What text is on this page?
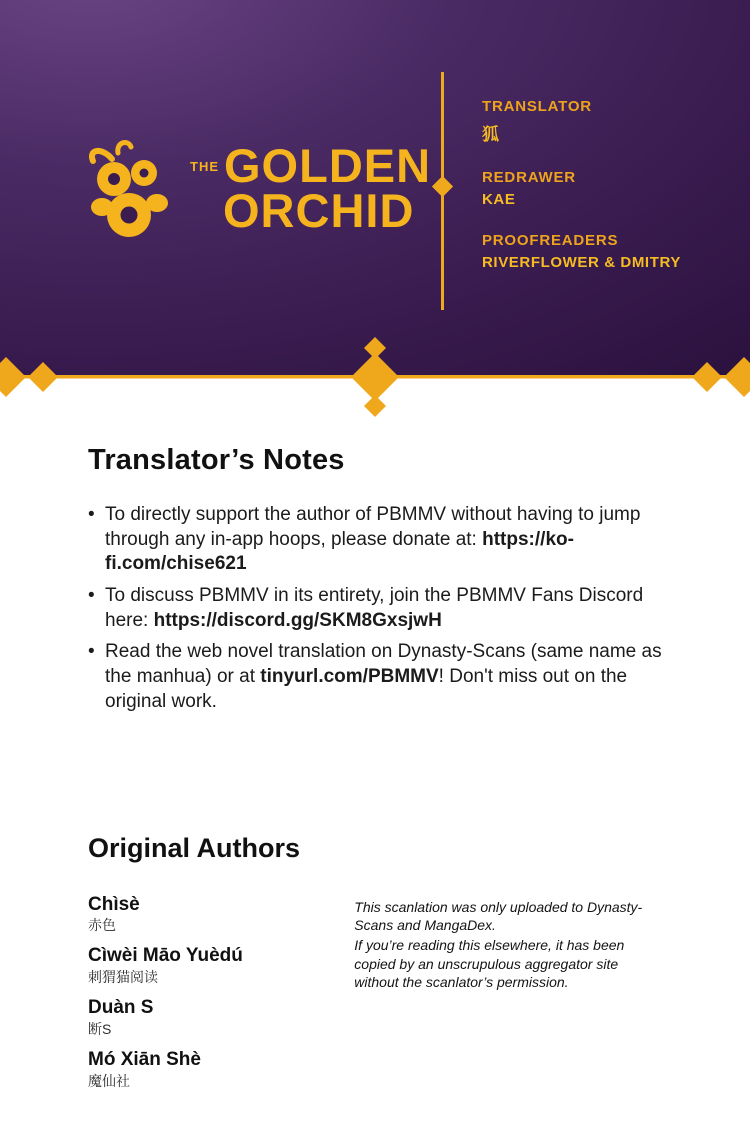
THE GOLDEN
ORCHID
TRANSLATOR
狐
REDRAWER
KAE
PROOFREADERS
RIVERFLOWER & DMITRY
Translator’s Notes
• To directly support the author of PBMMV without having to jump through any in-app hoops, please donate at: https://ko-fi.com/chise621
• To discuss PBMMV in its entirety, join the PBMMV Fans Discord here: https://discord.gg/SKM8GxsjwH
• Read the web novel translation on Dynasty-Scans (same name as the manhua) or at tinyurl.com/PBMMV! Don't miss out on the original work.
Original Authors
Chìsè
赤色
Cìwèi Māo Yuèdú
刺猬猫阅读
Duàn S
断S
Mó Xiān Shè
魔仙社

This scanlation was only uploaded to Dynasty-Scans and MangaDex.

If you’re reading this elsewhere, it has been copied by an unscrupulous aggregator site without the scanlator’s permission.
